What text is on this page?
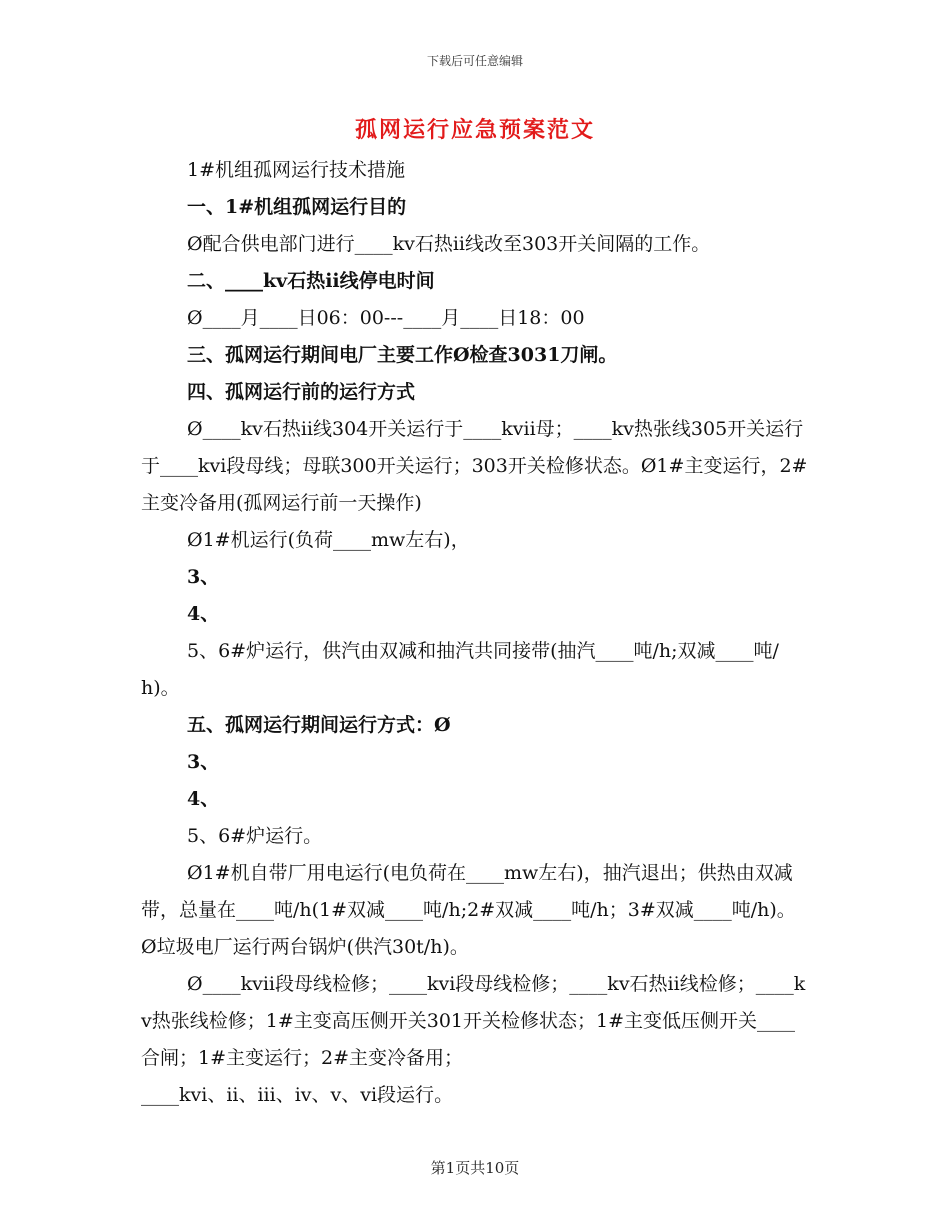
下载后可任意编辑
孤网运行应急预案范文

1#机组孤网运行技术措施

一、1#机组孤网运行目的

Ø配合供电部门进行____kv石热ii线改至303开关间隔的工作。

二、____kv石热ii线停电时间

Ø____月____日06：00---____月____日18：00

三、孤网运行期间电厂主要工作Ø检查3031刀闸。

四、孤网运行前的运行方式

Ø____kv石热ii线304开关运行于____kvii母；____kv热张线305开关运行于____kvi段母线；母联300开关运行；303开关检修状态。Ø1#主变运行，2#主变冷备用(孤网运行前一天操作)

Ø1#机运行(负荷____mw左右)，

3、

4、

5、6#炉运行，供汽由双减和抽汽共同接带(抽汽____吨/h;双减____吨/h)。

五、孤网运行期间运行方式：Ø

3、

4、

5、6#炉运行。

Ø1#机自带厂用电运行(电负荷在____mw左右)，抽汽退出；供热由双减带，总量在____吨/h(1#双减____吨/h;2#双减____吨/h；3#双减____吨/h)。Ø垃圾电厂运行两台锅炉(供汽30t/h)。

Ø____kvii段母线检修；____kvi段母线检修；____kv石热ii线检修；____kv热张线检修；1#主变高压侧开关301开关检修状态；1#主变低压侧开关____合闸；1#主变运行；2#主变冷备用；

____kvi、ii、iii、iv、v、vi段运行。

第1页共10页
